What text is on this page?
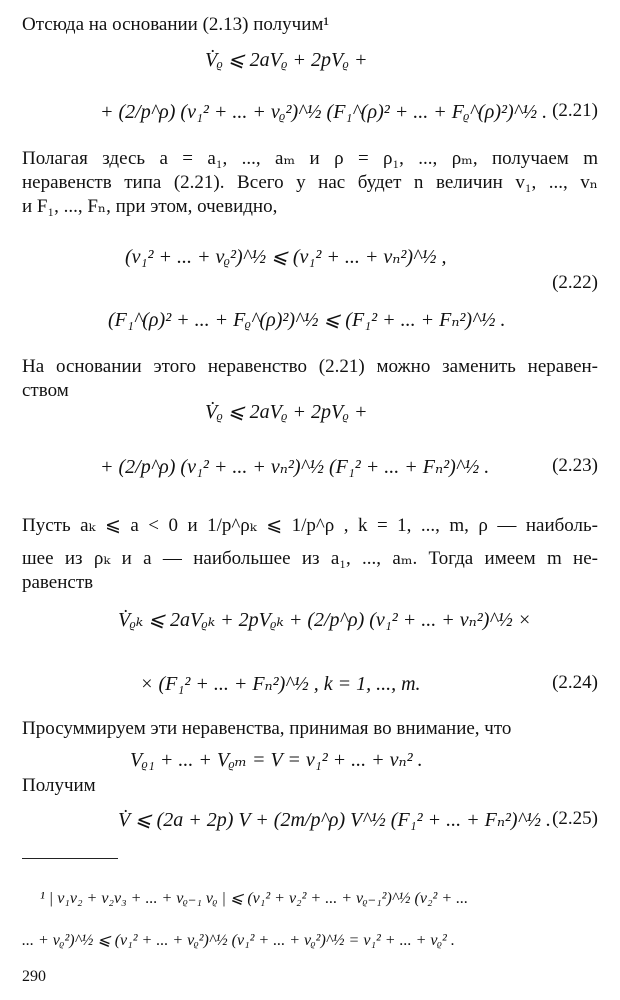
Отсюда на основании (2.13) получим¹
V̇ᵨ ⩽ 2aVᵨ + 2pVᵨ +
+ (2/p^ρ) (v₁² + ... + vᵨ²)^½ (F₁^(ρ)² + ... + Fᵨ^(ρ)²)^½ . (2.21)
Полагая здесь a = a₁, ..., aₘ и ρ = ρ₁, ..., ρₘ, получаем m
неравенств типа (2.21). Всего у нас будет n величин v₁, ..., vₙ
и F₁, ..., Fₙ, при этом, очевидно,
(v₁² + ... + vᵨ²)^½ ⩽ (v₁² + ... + vₙ²)^½ ,
(2.22)
(F₁^(ρ)² + ... + Fᵨ^(ρ)²)^½ ⩽ (F₁² + ... + Fₙ²)^½ .
На основании этого неравенство (2.21) можно заменить неравен-
ством
V̇ᵨ ⩽ 2aVᵨ + 2pVᵨ +
+ (2/p^ρ) (v₁² + ... + vₙ²)^½ (F₁² + ... + Fₙ²)^½ .	(2.23)
Пусть aₖ ⩽ a < 0 и 1/p^ρₖ ⩽ 1/p^ρ , k = 1, ..., m, ρ — наиболь-
шее из ρₖ и a — наибольшее из a₁, ..., aₘ. Тогда имеем m не-
равенств
V̇ᵨₖ ⩽ 2aVᵨₖ + 2pVᵨₖ + (2/p^ρ) (v₁² + ... + vₙ²)^½ ×
× (F₁² + ... + Fₙ²)^½ , k = 1, ..., m.	(2.24)
Просуммируем эти неравенства, принимая во внимание, что
Vᵨ₁ + ... + Vᵨₘ = V = v₁² + ... + vₙ² .
Получим
V̇ ⩽ (2a + 2p) V + (2m/p^ρ) V^½ (F₁² + ... + Fₙ²)^½ . (2.25)
¹ | v₁v₂ + v₂v₃ + ... + vᵨ₋₁ vᵨ | ⩽ (v₁² + v₂² + ... + vᵨ₋₁²)^½ (v₂² + ...
... + vᵨ²)^½ ⩽ (v₁² + ... + vᵨ²)^½ (v₁² + ... + vᵨ²)^½ = v₁² + ... + vᵨ² .
290
